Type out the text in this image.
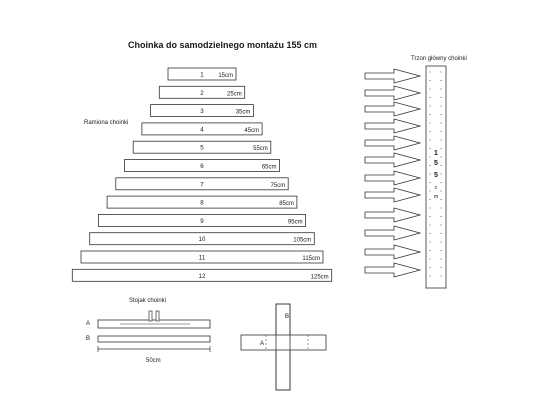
Choinka do samodzielnego montażu 155 cm
Ramiona choinki
Trzon główny choinki
1 15cm
2	25cm
3	35cm
4	45cm
5	55cm
6	65cm
7	75cm
8	85cm
9	95cm
10	105cm
11	115cm
12	125cm
1
5
5
c
m
Stojak choinki
A
B
50cm
B
A
